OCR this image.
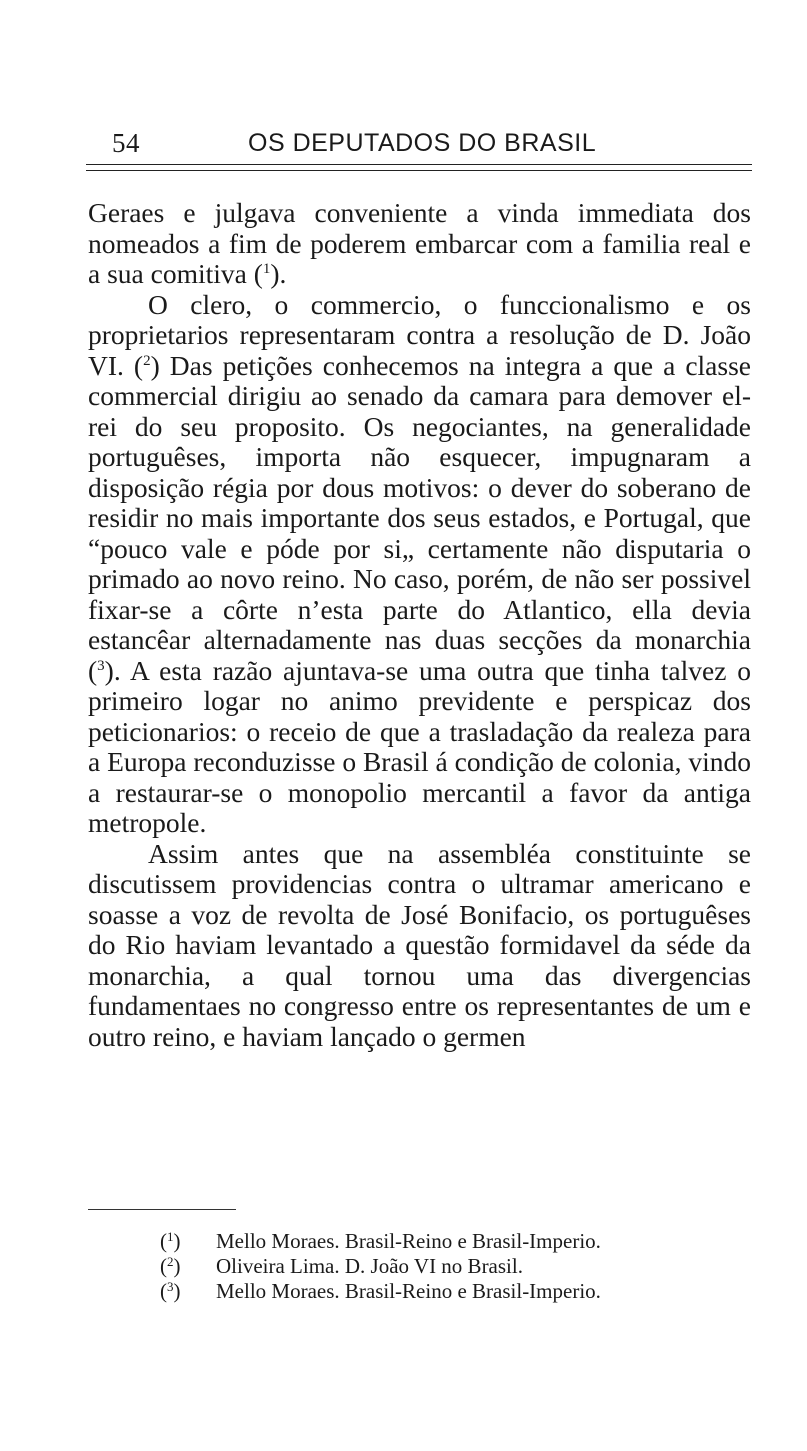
54	OS DEPUTADOS DO BRASIL

Geraes e julgava conveniente a vinda immediata dos nomeados a fim de poderem embarcar com a familia real e a sua comitiva ($^1$).

O clero, o commercio, o funccionalismo e os proprietarios representaram contra a resolução de D. João VI. ($^2$) Das petições conhecemos na integra a que a classe commercial dirigiu ao senado da camara para demover el-rei do seu proposito. Os negociantes, na generalidade portuguêses, importa não esquecer, impugnaram a disposição régia por dous motivos: o dever do soberano de residir no mais importante dos seus estados, e Portugal, que “pouco vale e póde por si„ certamente não disputaria o primado ao novo reino. No caso, porém, de não ser possivel fixar-se a côrte n’esta parte do Atlantico, ella devia estancêar alternadamente nas duas secções da monarchia ($^3$). A esta razão ajuntava-se uma outra que tinha talvez o primeiro logar no animo previdente e perspicaz dos peticionarios: o receio de que a trasladação da realeza para a Europa reconduzisse o Brasil á condição de colonia, vindo a restaurar-se o monopolio mercantil a favor da antiga metropole.

Assim antes que na assembléa constituinte se discutissem providencias contra o ultramar americano e soasse a voz de revolta de José Bonifacio, os portuguêses do Rio haviam levantado a questão formidavel da séde da monarchia, a qual tornou uma das divergencias fundamentaes no congresso entre os representantes de um e outro reino, e haviam lançado o germen

($^1$) Mello Moraes. Brasil-Reino e Brasil-Imperio.
($^2$) Oliveira Lima. D. João VI no Brasil.
($^3$) Mello Moraes. Brasil-Reino e Brasil-Imperio.
